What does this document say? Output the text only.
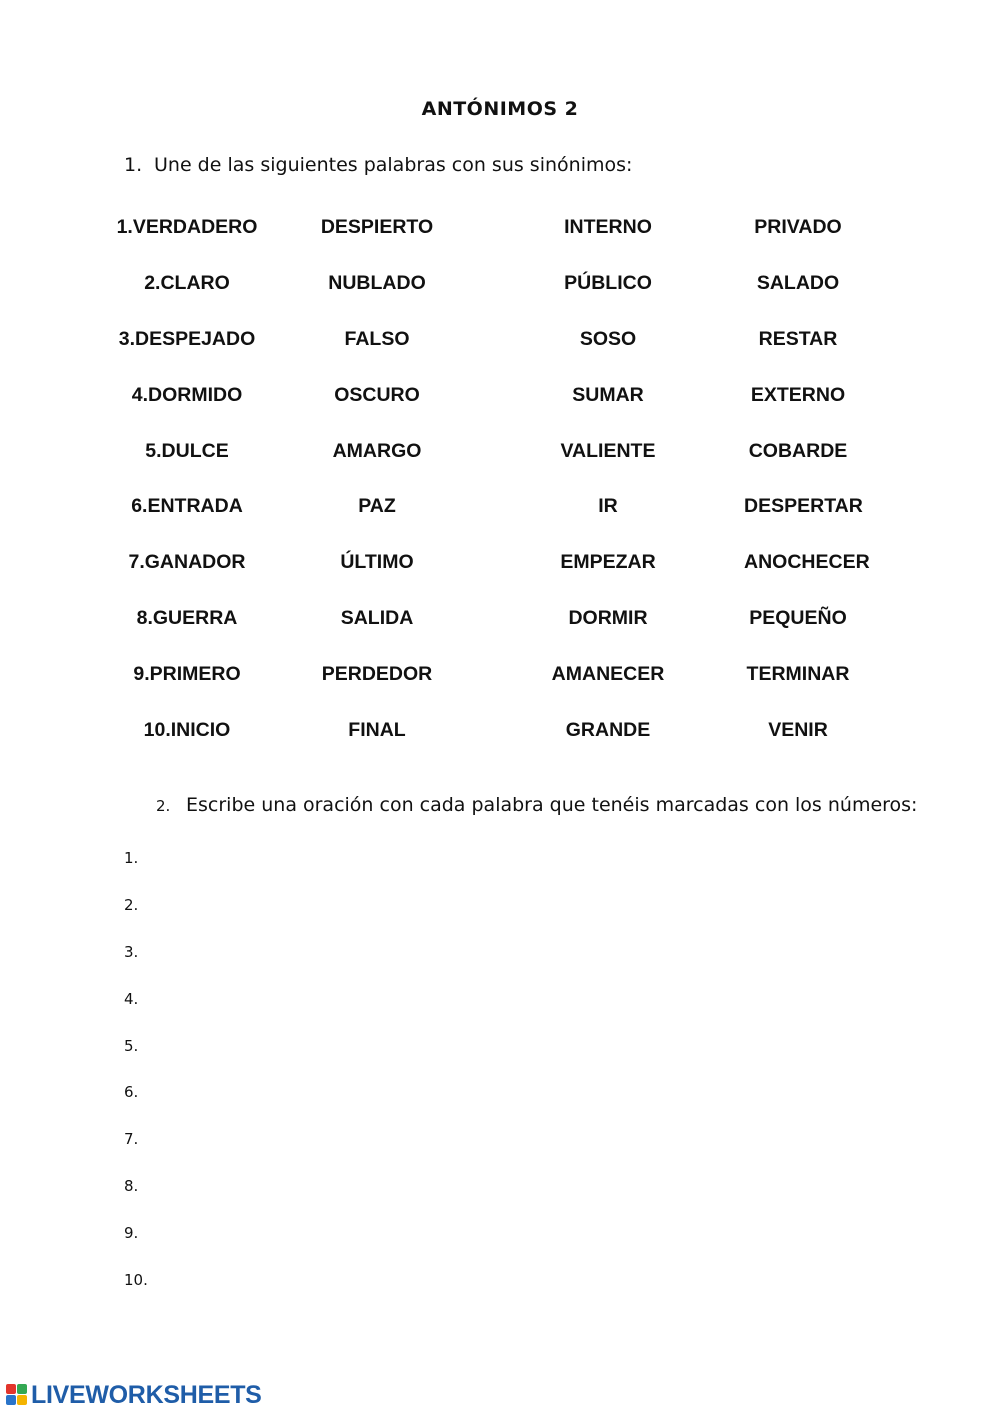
ANTÓNIMOS 2
1. Une de las siguientes palabras con sus sinónimos:
1.VERDADERO	DESPIERTO	INTERNO	PRIVADO
2.CLARO	NUBLADO	PÚBLICO	SALADO
3.DESPEJADO	FALSO	SOSO	RESTAR
4.DORMIDO	OSCURO	SUMAR	EXTERNO
5.DULCE	AMARGO	VALIENTE	COBARDE
6.ENTRADA	PAZ	IR	DESPERTAR
7.GANADOR	ÚLTIMO	EMPEZAR	ANOCHECER
8.GUERRA	SALIDA	DORMIR	PEQUEÑO
9.PRIMERO	PERDEDOR	AMANECER	TERMINAR
10.INICIO	FINAL	GRANDE	VENIR
2. Escribe una oración con cada palabra que tenéis marcadas con los números:
1.
2.
3.
4.
5.
6.
7.
8.
9.
10.
LIVEWORKSHEETS
